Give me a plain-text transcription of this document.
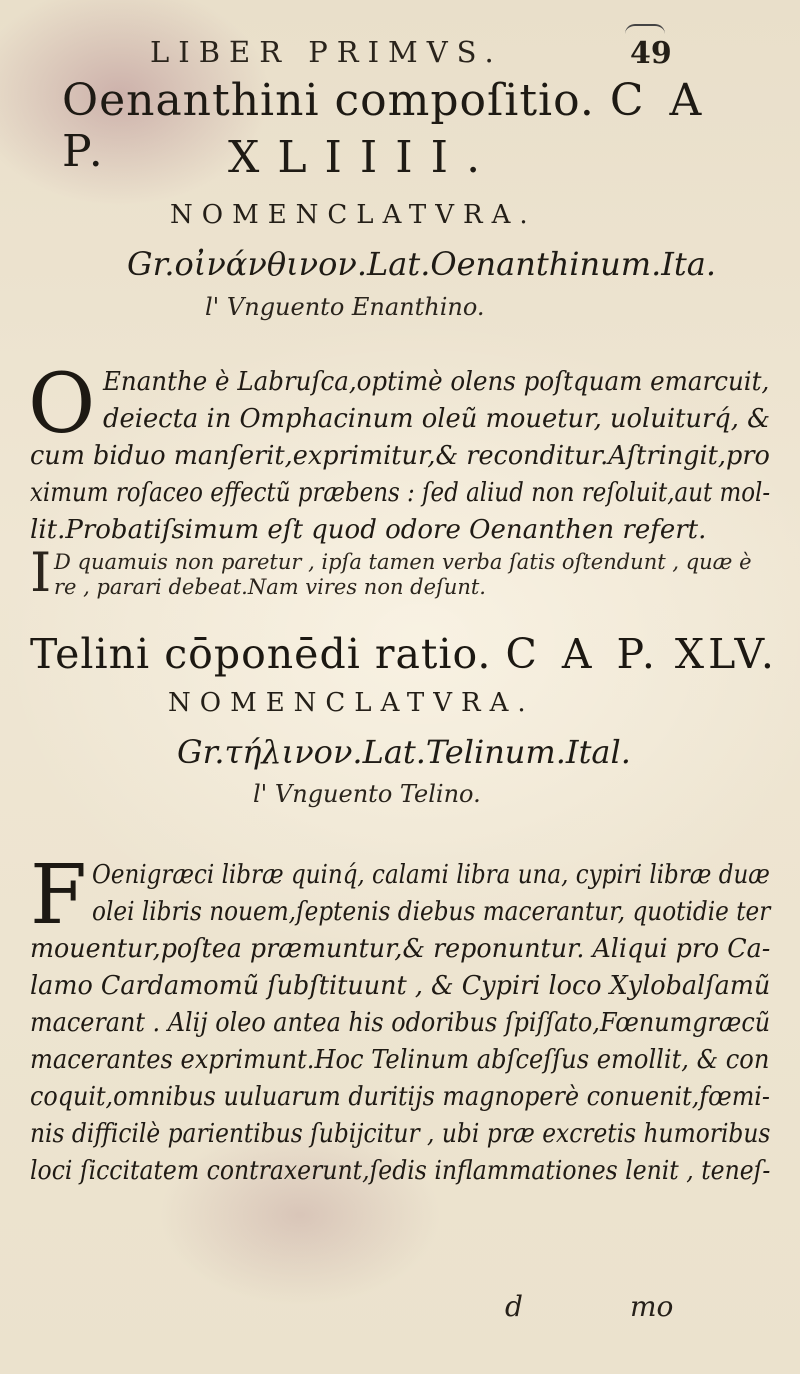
LIBER PRIMVS.	49
Oenanthini compoſitio. C A P.	XLIIII.
NOMENCLATVRA.
Gr.οἰνάνθινον.Lat.Oenanthinum.Ita.
l' Vnguento Enanthino.
O Enanthe è Labruſca,optimè olens poſtquam emarcuit,
deiecta in Omphacinum oleũ mouetur, uoluiturq́, &
cum biduo manſerit,exprimitur,& reconditur.Aſtringit,pro
ximum roſaceo effectũ præbens : ſed aliud non reſoluit,aut mol-
lit.Probatiſsimum eſt quod odore Oenanthen refert.
I D quamuis non paretur , ipſa tamen verba ſatis oſtendunt , quæ è
re , parari debeat.Nam vires non deſunt.
Telini cōponēdi ratio. C A P. XLV.
NOMENCLATVRA.
Gr.τήλινον.Lat.Telinum.Ital.
l' Vnguento Telino.
F Oenigræci libræ quinq́, calami libra una, cypiri libræ duæ
olei libris nouem,ſeptenis diebus macerantur, quotidie ter
mouentur,poſtea præmuntur,& reponuntur. Aliqui pro Ca-
lamo Cardamomũ ſubſtituunt , & Cypiri loco Xylobalſamũ
macerant . Alij oleo antea his odoribus ſpiſſato,Fœnumgræcũ
macerantes exprimunt.Hoc Telinum abſceſſus emollit, & con
coquit,omnibus uuluarum duritijs magnoperè conuenit,fœmi-
nis difficilè parientibus ſubijcitur , ubi præ excretis humoribus
loci ſiccitatem contraxerunt,ſedis inflammationes lenit , teneſ-
d	mo
